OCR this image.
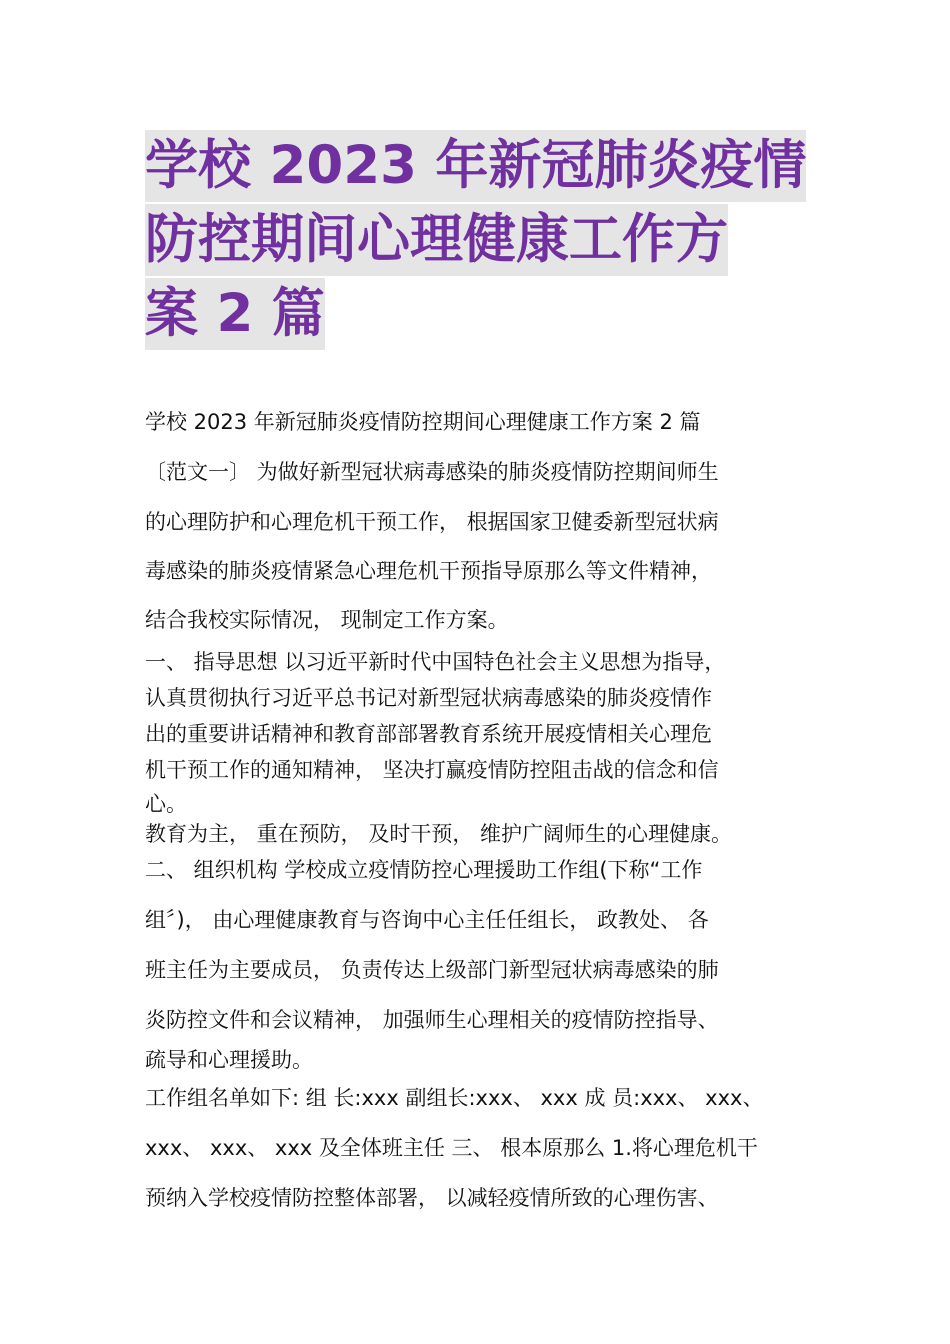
学校 2023 年新冠肺炎疫情
防控期间心理健康工作方
案 2 篇
学校 2023 年新冠肺炎疫情防控期间心理健康工作方案 2 篇
〔范文一〕 为做好新型冠状病毒感染的肺炎疫情防控期间师生
的心理防护和心理危机干预工作， 根据国家卫健委新型冠状病
毒感染的肺炎疫情紧急心理危机干预指导原那么等文件精神，
结合我校实际情况， 现制定工作方案。
一、 指导思想 以习近平新时代中国特色社会主义思想为指导，
认真贯彻执行习近平总书记对新型冠状病毒感染的肺炎疫情作
出的重要讲话精神和教育部部署教育系统开展疫情相关心理危
机干预工作的通知精神， 坚决打赢疫情防控阻击战的信念和信
心。
教育为主， 重在预防， 及时干预， 维护广阔师生的心理健康。
二、 组织机构 学校成立疫情防控心理援助工作组(下称“工作
组〞)， 由心理健康教育与咨询中心主任任组长， 政教处、 各
班主任为主要成员， 负责传达上级部门新型冠状病毒感染的肺
炎防控文件和会议精神， 加强师生心理相关的疫情防控指导、
疏导和心理援助。
工作组名单如下: 组 长:xxx 副组长:xxx、 xxx 成 员:xxx、 xxx、
xxx、 xxx、 xxx 及全体班主任 三、 根本原那么 1.将心理危机干
预纳入学校疫情防控整体部署， 以减轻疫情所致的心理伤害、
